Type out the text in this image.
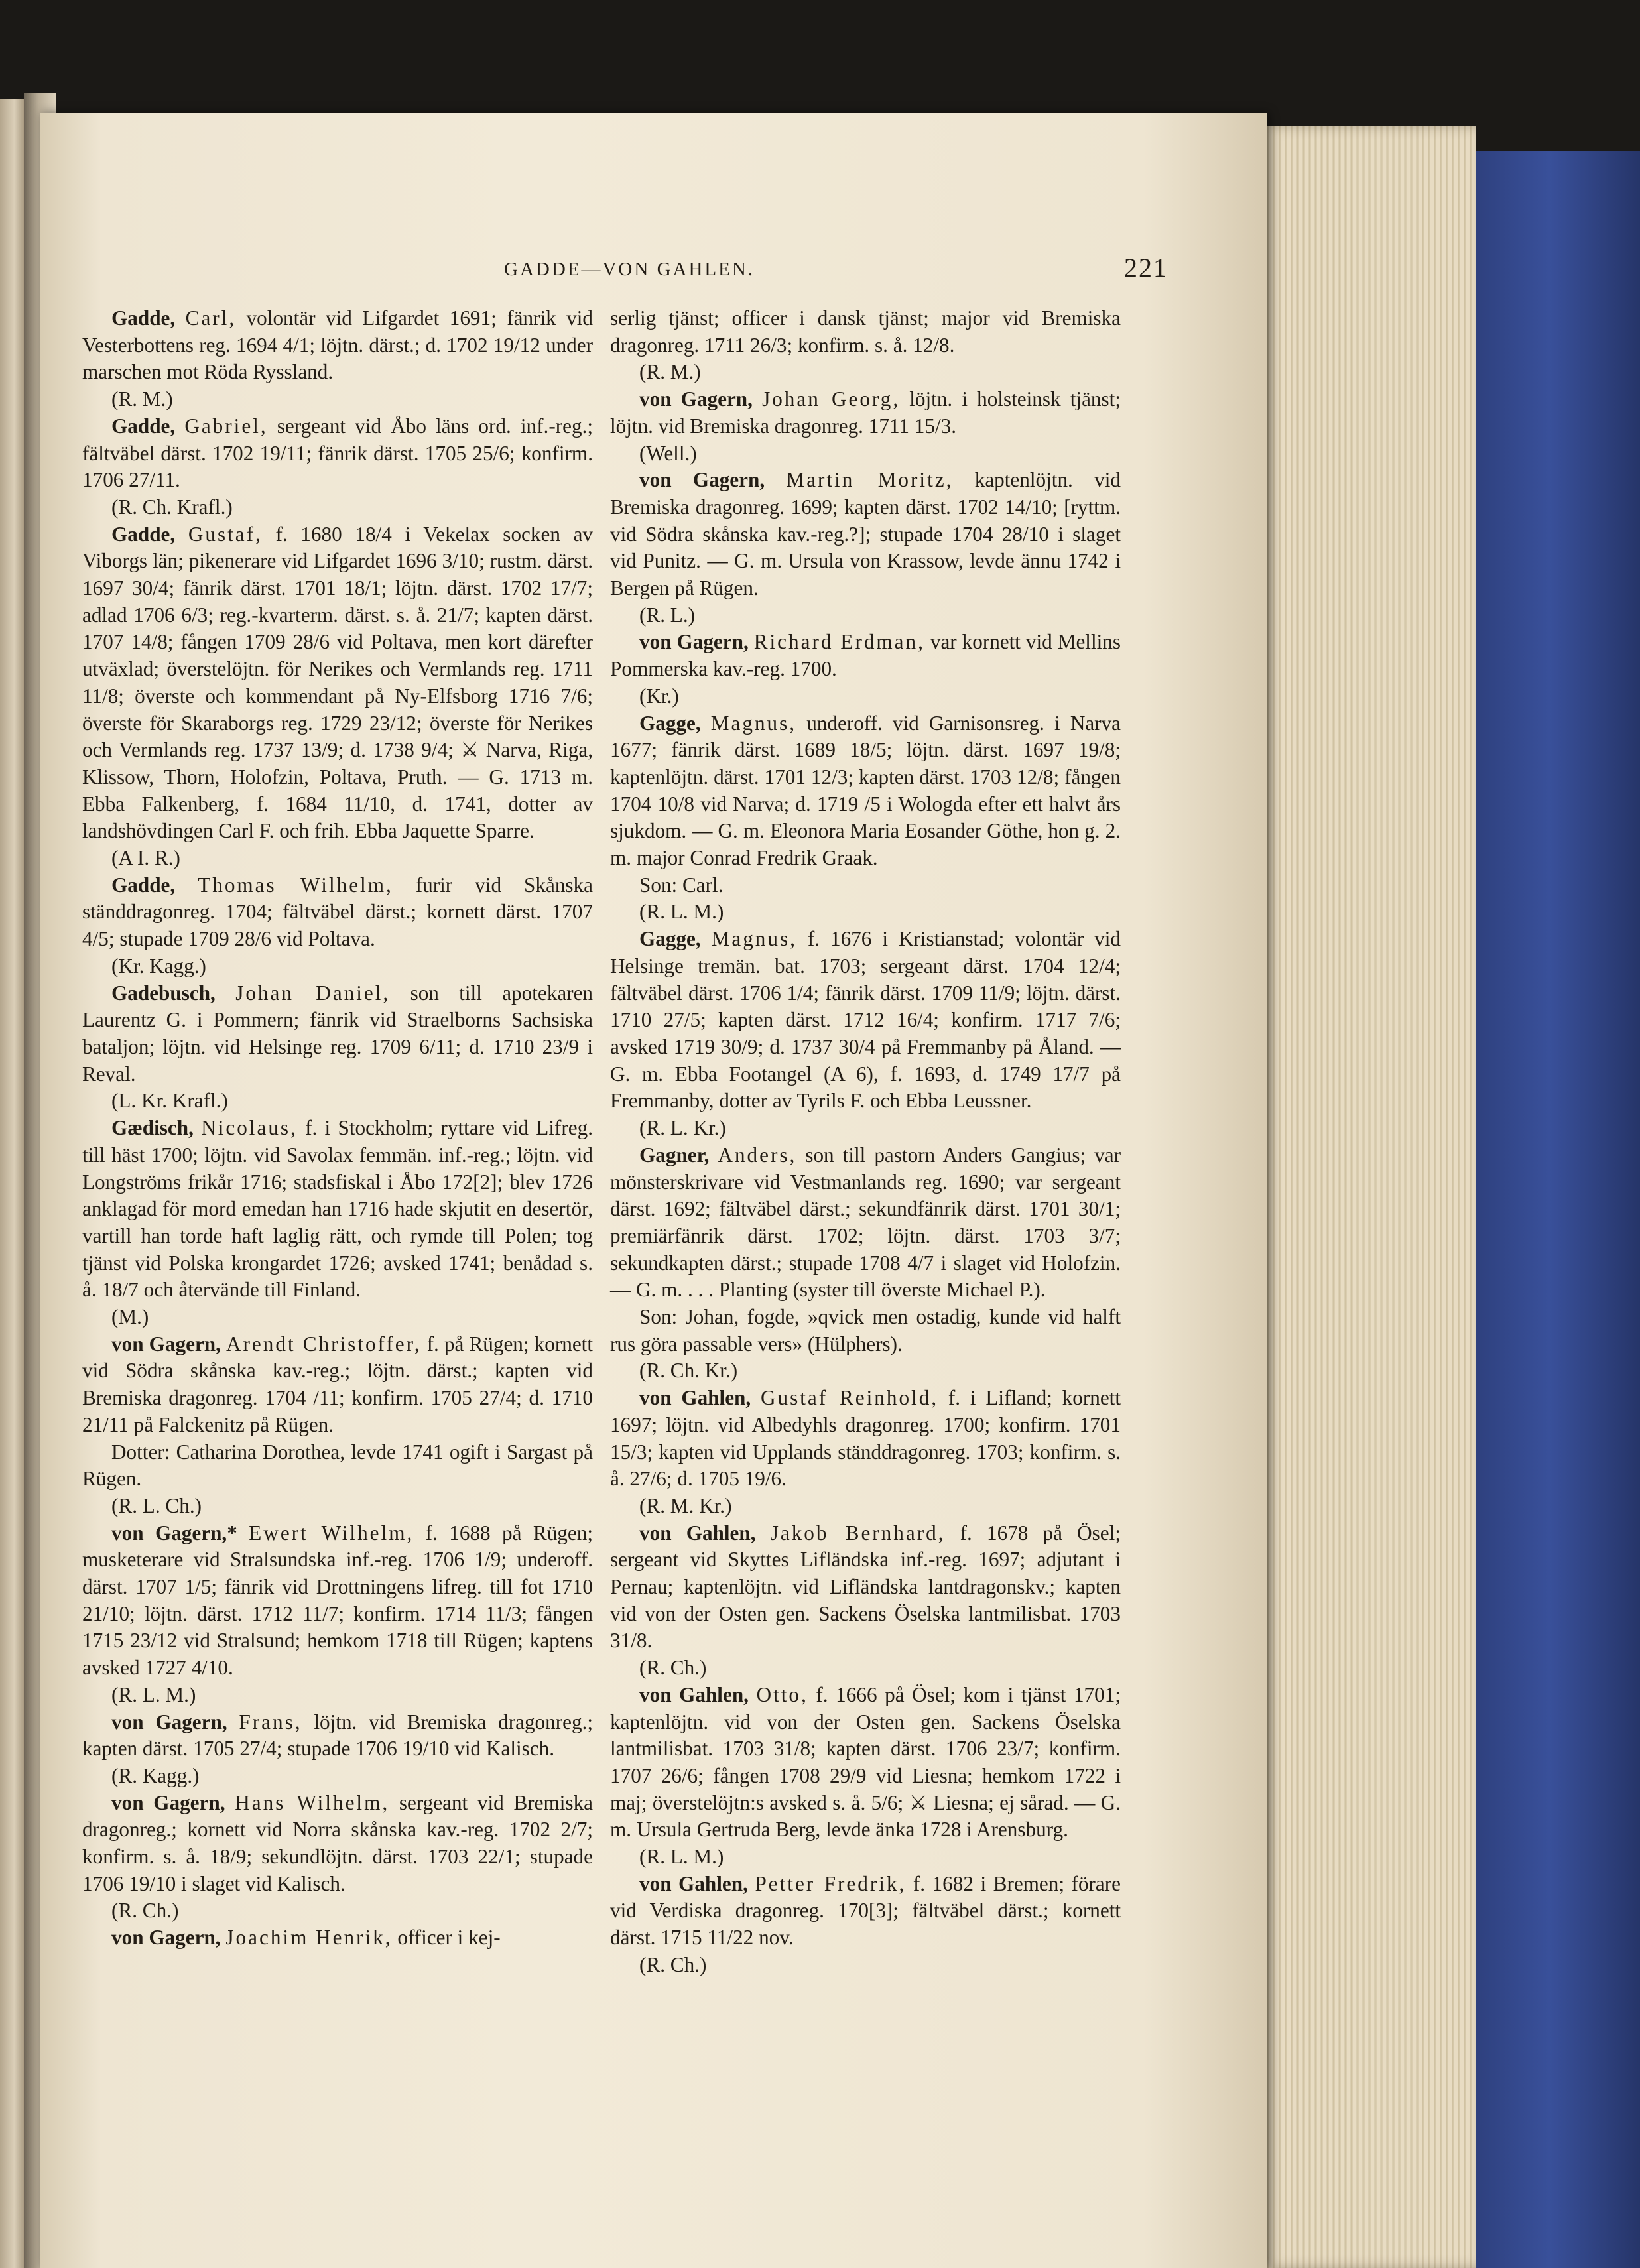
GADDE—VON GAHLEN.	221

Gadde, Carl, volontär vid Lifgardet 1691; fänrik vid Vesterbottens reg. 1694 4/1; löjtn. därst.; d. 1702 19/12 under marschen mot Röda Ryssland.

(R. M.)

Gadde, Gabriel, sergeant vid Åbo läns ord. inf.-reg.; fältväbel därst. 1702 19/11; fänrik därst. 1705 25/6; konfirm. 1706 27/11.

(R. Ch. Krafl.)

Gadde, Gustaf, f. 1680 18/4 i Vekelax socken av Viborgs län; pikenerare vid Lifgardet 1696 3/10; rustm. därst. 1697 30/4; fänrik därst. 1701 18/1; löjtn. därst. 1702 17/7; adlad 1706 6/3; reg.-kvarterm. därst. s. å. 21/7; kapten därst. 1707 14/8; fången 1709 28/6 vid Poltava, men kort därefter utväxlad; överstelöjtn. för Nerikes och Vermlands reg. 1711 11/8; överste och kommendant på Ny-Elfsborg 1716 7/6; överste för Skaraborgs reg. 1729 23/12; överste för Nerikes och Vermlands reg. 1737 13/9; d. 1738 9/4; ⚔ Narva, Riga, Klissow, Thorn, Holofzin, Poltava, Pruth. — G. 1713 m. Ebba Falkenberg, f. 1684 11/10, d. 1741, dotter av landshövdingen Carl F. och frih. Ebba Jaquette Sparre.

(A I. R.)

Gadde, Thomas Wilhelm, furir vid Skånska ständdragonreg. 1704; fältväbel därst.; kornett därst. 1707 4/5; stupade 1709 28/6 vid Poltava.

(Kr. Kagg.)

Gadebusch, Johan Daniel, son till apotekaren Laurentz G. i Pommern; fänrik vid Straelborns Sachsiska bataljon; löjtn. vid Helsinge reg. 1709 6/11; d. 1710 23/9 i Reval.

(L. Kr. Krafl.)

Gædisch, Nicolaus, f. i Stockholm; ryttare vid Lifreg. till häst 1700; löjtn. vid Savolax femmän. inf.-reg.; löjtn. vid Longströms frikår 1716; stadsfiskal i Åbo 172[2]; blev 1726 anklagad för mord emedan han 1716 hade skjutit en desertör, vartill han torde haft laglig rätt, och rymde till Polen; tog tjänst vid Polska krongardet 1726; avsked 1741; benådad s. å. 18/7 och återvände till Finland.

(M.)

von Gagern, Arendt Christoffer, f. på Rügen; kornett vid Södra skånska kav.-reg.; löjtn. därst.; kapten vid Bremiska dragonreg. 1704 /11; konfirm. 1705 27/4; d. 1710 21/11 på Falckenitz på Rügen.

Dotter: Catharina Dorothea, levde 1741 ogift i Sargast på Rügen.

(R. L. Ch.)

von Gagern,* Ewert Wilhelm, f. 1688 på Rügen; musketerare vid Stralsundska inf.-reg. 1706 1/9; underoff. därst. 1707 1/5; fänrik vid Drottningens lifreg. till fot 1710 21/10; löjtn. därst. 1712 11/7; konfirm. 1714 11/3; fången 1715 23/12 vid Stralsund; hemkom 1718 till Rügen; kaptens avsked 1727 4/10.

(R. L. M.)

von Gagern, Frans, löjtn. vid Bremiska dragonreg.; kapten därst. 1705 27/4; stupade 1706 19/10 vid Kalisch.

(R. Kagg.)

von Gagern, Hans Wilhelm, sergeant vid Bremiska dragonreg.; kornett vid Norra skånska kav.-reg. 1702 2/7; konfirm. s. å. 18/9; sekundlöjtn. därst. 1703 22/1; stupade 1706 19/10 i slaget vid Kalisch.

(R. Ch.)

von Gagern, Joachim Henrik, officer i kej-

serlig tjänst; officer i dansk tjänst; major vid Bremiska dragonreg. 1711 26/3; konfirm. s. å. 12/8.

(R. M.)

von Gagern, Johan Georg, löjtn. i holsteinsk tjänst; löjtn. vid Bremiska dragonreg. 1711 15/3.

(Well.)

von Gagern, Martin Moritz, kaptenlöjtn. vid Bremiska dragonreg. 1699; kapten därst. 1702 14/10; [ryttm. vid Södra skånska kav.-reg.?]; stupade 1704 28/10 i slaget vid Punitz. — G. m. Ursula von Krassow, levde ännu 1742 i Bergen på Rügen.

(R. L.)

von Gagern, Richard Erdman, var kornett vid Mellins Pommerska kav.-reg. 1700.

(Kr.)

Gagge, Magnus, underoff. vid Garnisonsreg. i Narva 1677; fänrik därst. 1689 18/5; löjtn. därst. 1697 19/8; kaptenlöjtn. därst. 1701 12/3; kapten därst. 1703 12/8; fången 1704 10/8 vid Narva; d. 1719 /5 i Wologda efter ett halvt års sjukdom. — G. m. Eleonora Maria Eosander Göthe, hon g. 2. m. major Conrad Fredrik Graak.

Son: Carl.

(R. L. M.)

Gagge, Magnus, f. 1676 i Kristianstad; volontär vid Helsinge tremän. bat. 1703; sergeant därst. 1704 12/4; fältväbel därst. 1706 1/4; fänrik därst. 1709 11/9; löjtn. därst. 1710 27/5; kapten därst. 1712 16/4; konfirm. 1717 7/6; avsked 1719 30/9; d. 1737 30/4 på Fremmanby på Åland. — G. m. Ebba Footangel (A 6), f. 1693, d. 1749 17/7 på Fremmanby, dotter av Tyrils F. och Ebba Leussner.

(R. L. Kr.)

Gagner, Anders, son till pastorn Anders Gangius; var mönsterskrivare vid Vestmanlands reg. 1690; var sergeant därst. 1692; fältväbel därst.; sekundfänrik därst. 1701 30/1; premiärfänrik därst. 1702; löjtn. därst. 1703 3/7; sekundkapten därst.; stupade 1708 4/7 i slaget vid Holofzin. — G. m. . . . Planting (syster till överste Michael P.).

Son: Johan, fogde, »qvick men ostadig, kunde vid halft rus göra passable vers» (Hülphers).

(R. Ch. Kr.)

von Gahlen, Gustaf Reinhold, f. i Lifland; kornett 1697; löjtn. vid Albedyhls dragonreg. 1700; konfirm. 1701 15/3; kapten vid Upplands ständdragonreg. 1703; konfirm. s. å. 27/6; d. 1705 19/6.

(R. M. Kr.)

von Gahlen, Jakob Bernhard, f. 1678 på Ösel; sergeant vid Skyttes Lifländska inf.-reg. 1697; adjutant i Pernau; kaptenlöjtn. vid Lifländska lantdragonskv.; kapten vid von der Osten gen. Sackens Öselska lantmilisbat. 1703 31/8.

(R. Ch.)

von Gahlen, Otto, f. 1666 på Ösel; kom i tjänst 1701; kaptenlöjtn. vid von der Osten gen. Sackens Öselska lantmilisbat. 1703 31/8; kapten därst. 1706 23/7; konfirm. 1707 26/6; fången 1708 29/9 vid Liesna; hemkom 1722 i maj; överstelöjtn:s avsked s. å. 5/6; ⚔ Liesna; ej sårad. — G. m. Ursula Gertruda Berg, levde änka 1728 i Arensburg.

(R. L. M.)

von Gahlen, Petter Fredrik, f. 1682 i Bremen; förare vid Verdiska dragonreg. 170[3]; fältväbel därst.; kornett därst. 1715 11/22 nov.

(R. Ch.)
